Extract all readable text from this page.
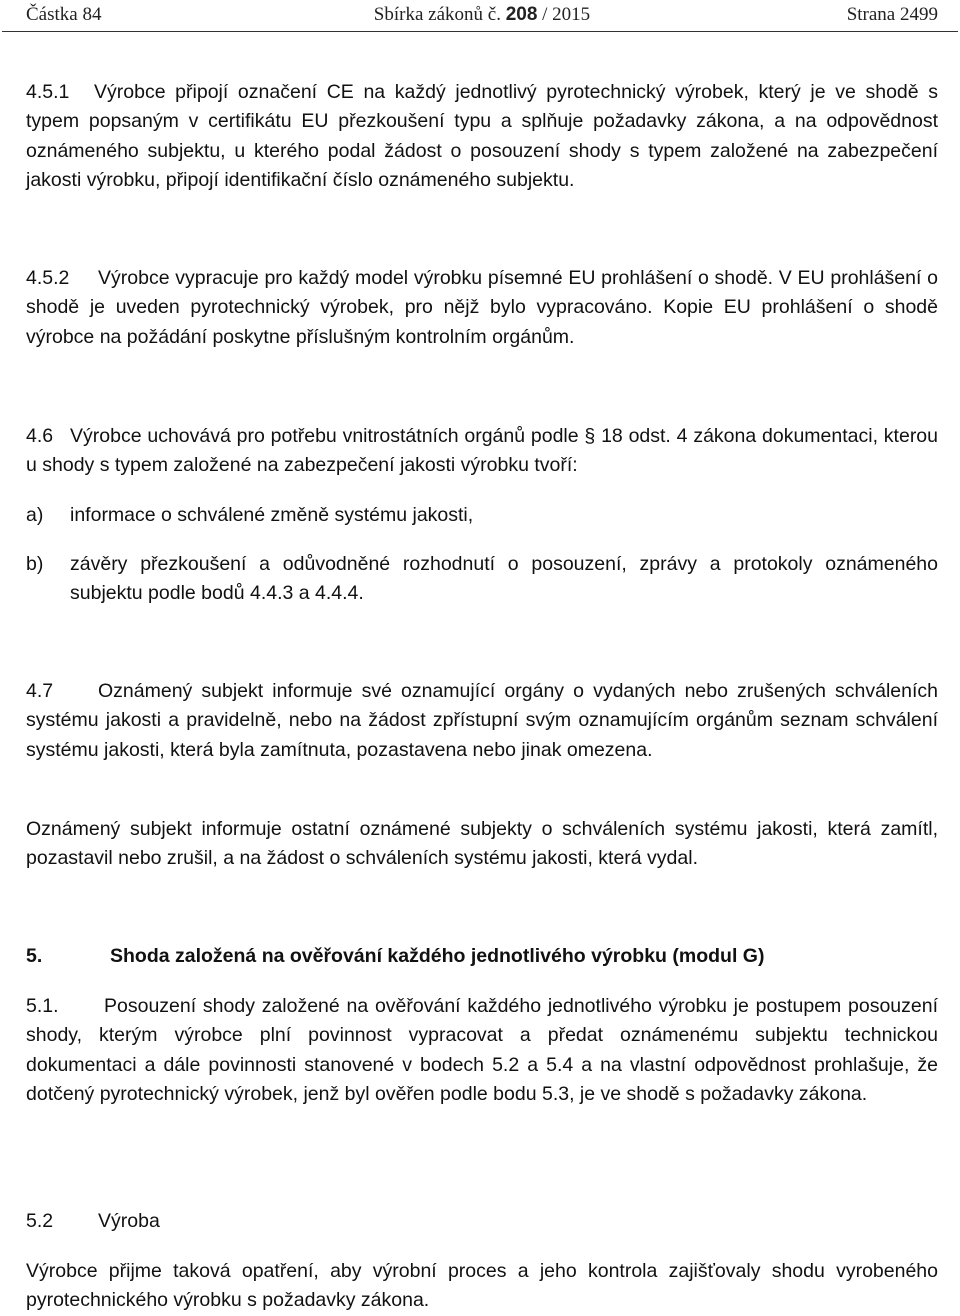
Částka 84	Sbírka zákonů č. 208 / 2015	Strana 2499
4.5.1 Výrobce připojí označení CE na každý jednotlivý pyrotechnický výrobek, který je ve shodě s typem popsaným v certifikátu EU přezkoušení typu a splňuje požadavky zákona, a na odpovědnost oznámeného subjektu, u kterého podal žádost o posouzení shody s typem založené na zabezpečení jakosti výrobku, připojí identifikační číslo oznámeného subjektu.
4.5.2 Výrobce vypracuje pro každý model výrobku písemné EU prohlášení o shodě. V EU prohlášení o shodě je uveden pyrotechnický výrobek, pro nějž bylo vypracováno. Kopie EU prohlášení o shodě výrobce na požádání poskytne příslušným kontrolním orgánům.
4.6 Výrobce uchovává pro potřebu vnitrostátních orgánů podle § 18 odst. 4 zákona dokumentaci, kterou u shody s typem založené na zabezpečení jakosti výrobku tvoří:
a) informace o schválené změně systému jakosti,
b) závěry přezkoušení a odůvodněné rozhodnutí o posouzení, zprávy a protokoly oznámeného subjektu podle bodů 4.4.3 a 4.4.4.
4.7 Oznámený subjekt informuje své oznamující orgány o vydaných nebo zrušených schváleních systému jakosti a pravidelně, nebo na žádost zpřístupní svým oznamujícím orgánům seznam schválení systému jakosti, která byla zamítnuta, pozastavena nebo jinak omezena.
Oznámený subjekt informuje ostatní oznámené subjekty o schváleních systému jakosti, která zamítl, pozastavil nebo zrušil, a na žádost o schváleních systému jakosti, která vydal.
5.	Shoda založená na ověřování každého jednotlivého výrobku (modul G)
5.1. Posouzení shody založené na ověřování každého jednotlivého výrobku je postupem posouzení shody, kterým výrobce plní povinnost vypracovat a předat oznámenému subjektu technickou dokumentaci a dále povinnosti stanovené v bodech 5.2 a 5.4 a na vlastní odpovědnost prohlašuje, že dotčený pyrotechnický výrobek, jenž byl ověřen podle bodu 5.3, je ve shodě s požadavky zákona.
5.2 Výroba
Výrobce přijme taková opatření, aby výrobní proces a jeho kontrola zajišťovaly shodu vyrobeného pyrotechnického výrobku s požadavky zákona.
